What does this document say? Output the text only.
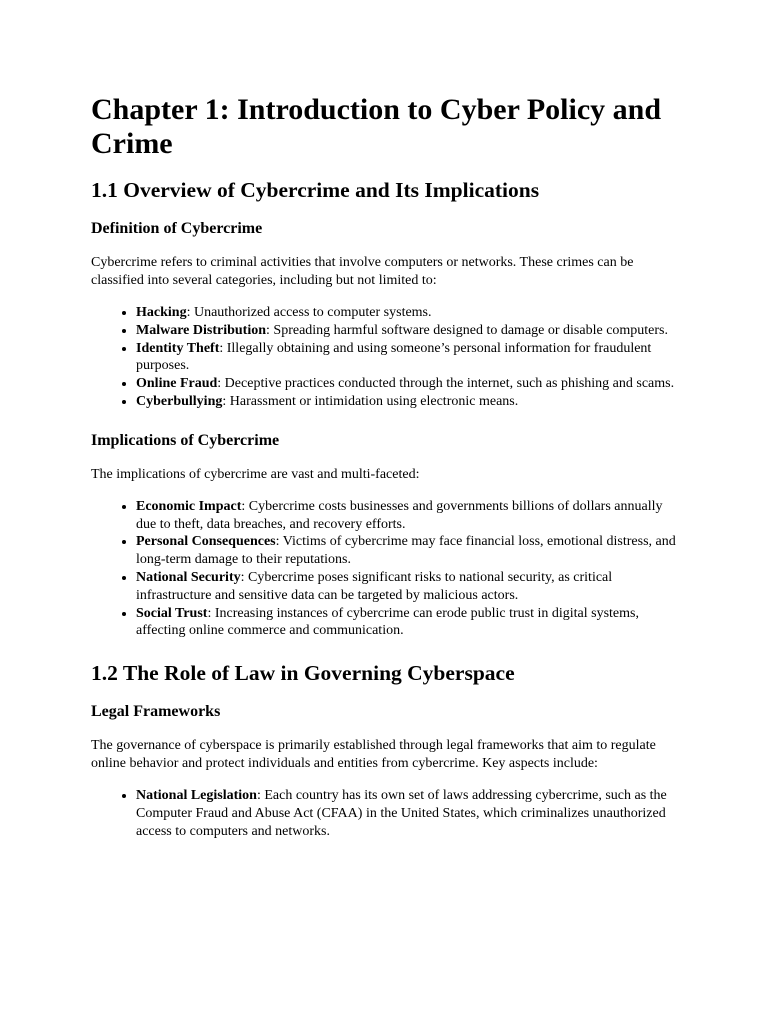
Chapter 1: Introduction to Cyber Policy and Crime
1.1 Overview of Cybercrime and Its Implications
Definition of Cybercrime

Cybercrime refers to criminal activities that involve computers or networks. These crimes can be classified into several categories, including but not limited to:

• Hacking: Unauthorized access to computer systems.
• Malware Distribution: Spreading harmful software designed to damage or disable computers.
• Identity Theft: Illegally obtaining and using someone’s personal information for fraudulent purposes.
• Online Fraud: Deceptive practices conducted through the internet, such as phishing and scams.
• Cyberbullying: Harassment or intimidation using electronic means.
Implications of Cybercrime

The implications of cybercrime are vast and multi-faceted:

• Economic Impact: Cybercrime costs businesses and governments billions of dollars annually due to theft, data breaches, and recovery efforts.
• Personal Consequences: Victims of cybercrime may face financial loss, emotional distress, and long-term damage to their reputations.
• National Security: Cybercrime poses significant risks to national security, as critical infrastructure and sensitive data can be targeted by malicious actors.
• Social Trust: Increasing instances of cybercrime can erode public trust in digital systems, affecting online commerce and communication.
1.2 The Role of Law in Governing Cyberspace
Legal Frameworks

The governance of cyberspace is primarily established through legal frameworks that aim to regulate online behavior and protect individuals and entities from cybercrime. Key aspects include:

• National Legislation: Each country has its own set of laws addressing cybercrime, such as the Computer Fraud and Abuse Act (CFAA) in the United States, which criminalizes unauthorized access to computers and networks.
